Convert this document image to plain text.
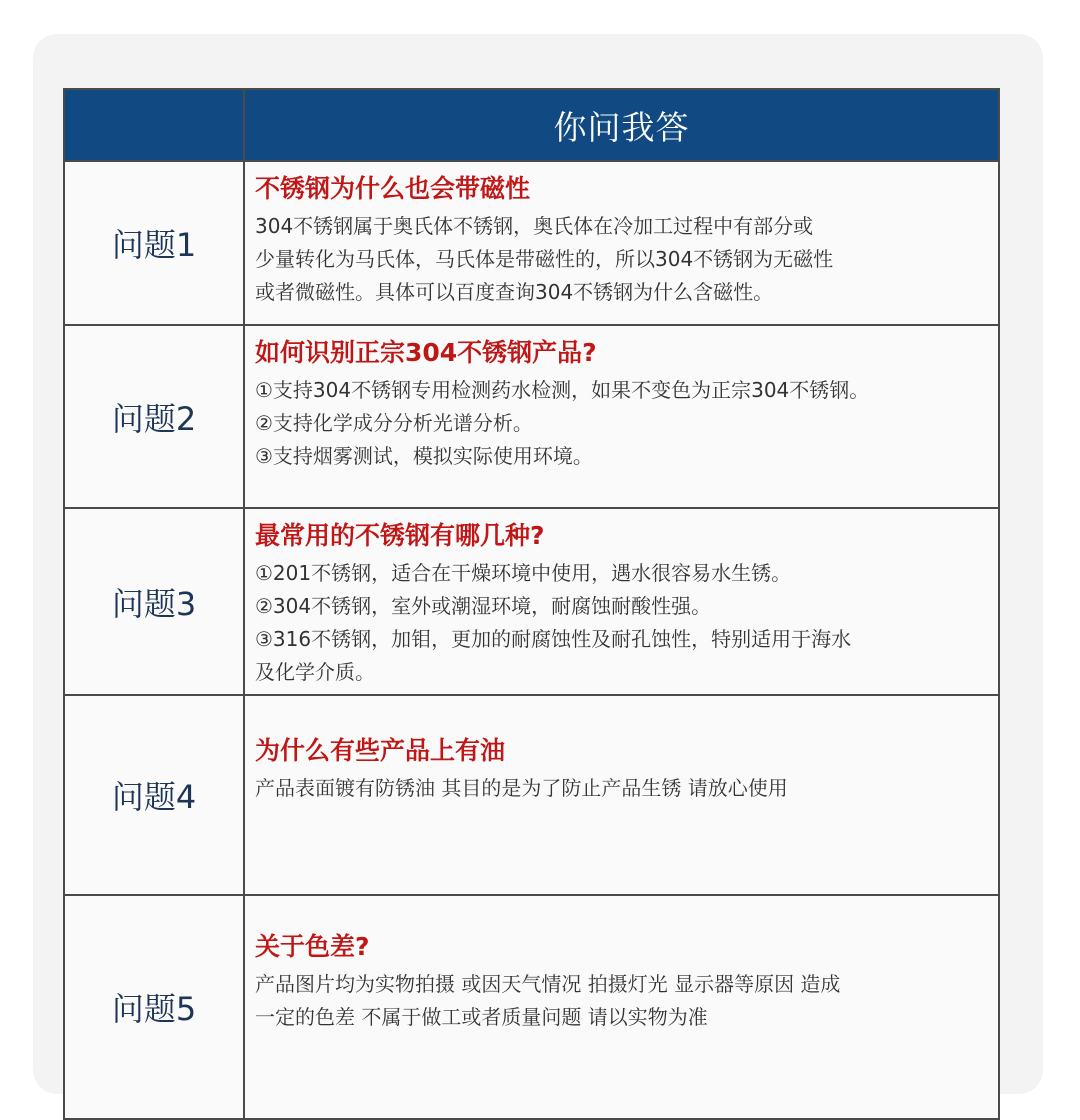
	你问我答
问题1	不锈钢为什么也会带磁性
304不锈钢属于奥氏体不锈钢，奥氏体在冷加工过程中有部分或
少量转化为马氏体，马氏体是带磁性的，所以304不锈钢为无磁性
或者微磁性。具体可以百度查询304不锈钢为什么含磁性。

问题2	如何识别正宗304不锈钢产品?
①支持304不锈钢专用检测药水检测，如果不变色为正宗304不锈钢。
②支持化学成分分析光谱分析。
③支持烟雾测试，模拟实际使用环境。

问题3	最常用的不锈钢有哪几种?
①201不锈钢，适合在干燥环境中使用，遇水很容易水生锈。
②304不锈钢，室外或潮湿环境，耐腐蚀耐酸性强。
③316不锈钢，加钼，更加的耐腐蚀性及耐孔蚀性，特别适用于海水
及化学介质。

问题4	为什么有些产品上有油
产品表面镀有防锈油 其目的是为了防止产品生锈 请放心使用

问题5	关于色差?
产品图片均为实物拍摄 或因天气情况 拍摄灯光 显示器等原因 造成
一定的色差 不属于做工或者质量问题 请以实物为准
